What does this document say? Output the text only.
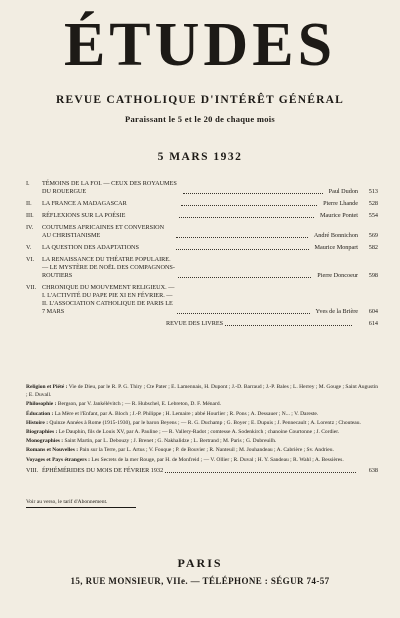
ÉTUDES
REVUE CATHOLIQUE D'INTÉRÊT GÉNÉRAL
Paraissant le 5 et le 20 de chaque mois
5 MARS 1932
I.	TÉMOINS DE LA FOI. — CEUX DES ROYAUMES DU ROUERGUE	Paul Dudon	513
II.	LA FRANCE A MADAGASCAR	Pierre Lhande	528
III.	RÉFLEXIONS SUR LA POÉSIE	Maurice Pontet	554
IV.	COUTUMES AFRICAINES ET CONVERSION AU CHRISTIANISME	André Bonnichon	569
V.	LA QUESTION DES ADAPTATIONS	Maurice Monpart	582
VI.	LA RENAISSANCE DU THÉATRE POPULAIRE. — LE MYSTÈRE DE NOËL DES COMPAGNONS-ROUTIERS	Pierre Doncoeur	598
VII. CHRONIQUE DU MOUVEMENT RELIGIEUX. — I. L'ACTIVITÉ DU PAPE PIE XI EN FÉVRIER. — II. L'ASSOCIATION CATHOLIQUE DE PARIS LE 7 MARS	Yves de la Brière	604
REVUE DES LIVRES	614

Religion et Piété : Vie de Dieu, par le R. P. G. Thiry ; Cte Pater ; E. Lamennais, H. Dupont ; J.-D. Barraud ; J.-P. Bales ; L. Herrey ; M. Gouge ; Saint Augustin ; E. Duvall.

Philosophie : Bergson, par V. Jankélévitch ; — R. Hubschel, E. Lebreton, D. F. Ménard.

Éducation : La Mère et l'Enfant, par A. Bloch ; J.-P. Philippe ; H. Lemaire ; abbé Hourlier ; R. Pons ; A. Dessauer ; N... ; V. Dareste.

Histoire : Quinze Années à Rome (1915-1930), par le baron Beyens ; — R. G. Duchamp ; G. Boyer ; E. Dupuis ; J. Pennecault ; A. Lorentz ; Chouteau.

Biographies : Le Dauphin, fils de Louis XV, par A. Pauline ; — R. Vallery-Radot ; comtesse A. Sodenkirch ; chanoine Courtonne ; J. Cordier.

Monographies : Saint Martin, par L. Debouzy ; J. Brenet ; G. Nakhalidze ; L. Bertrand ; M. Paris ; G. Dubreuilh.

Romans et Nouvelles : Pain sur la Terre, par L. Artus ; V. Fouque ; P. de Bouvier ; R. Nanteuil ; M. Jouhandeau ; A. Cabrière ; Sv. Andrieu.

Voyages et Pays étrangers : Les Secrets de la mer Rouge, par H. de Monfreid ; — V. Ollier ; R. Duval ; H. Y. Sandeau ; R. Wahl ; A. Bessières.

VIII. ÉPHÉMÉRIDES DU MOIS DE FÉVRIER 1932	638
Voir au verso, le tarif d'Abonnement.
PARIS
15, RUE MONSIEUR, VIIe. — TÉLÉPHONE : SÉGUR 74-57
